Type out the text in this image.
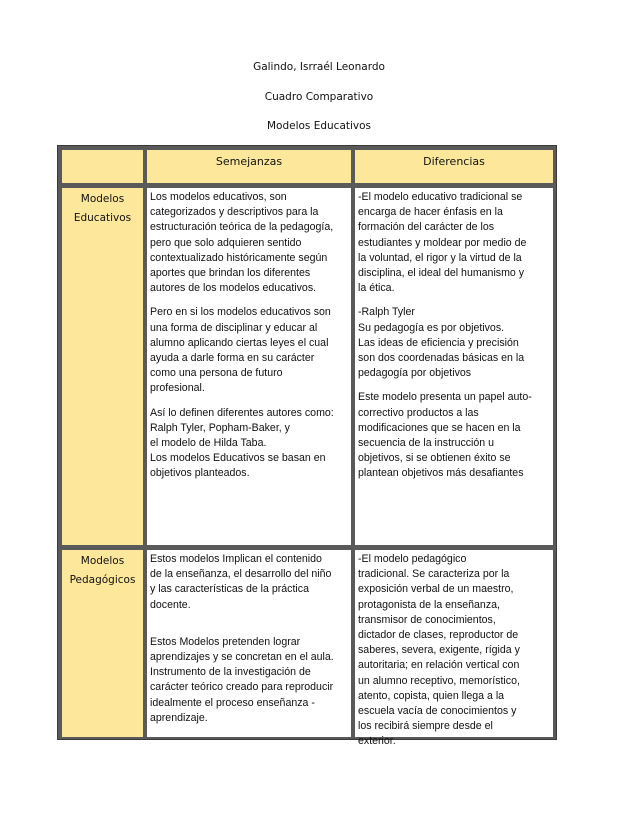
Galindo, Isrraél Leonardo
Cuadro Comparativo
Modelos Educativos
Semejanzas	Diferencias
Modelos
Educativos

Los modelos educativos, son
categorizados y descriptivos para la
estructuración teórica de la pedagogía,
pero que solo adquieren sentido
contextualizado históricamente según
aportes que brindan los diferentes
autores de los modelos educativos.

Pero en si los modelos educativos son
una forma de disciplinar y educar al
alumno aplicando ciertas leyes el cual
ayuda a darle forma en su carácter
como una persona de futuro
profesional.

Así lo definen diferentes autores como:
Ralph Tyler, Popham-Baker, y
el modelo de Hilda Taba.
Los modelos Educativos se basan en
objetivos planteados.

-El modelo educativo tradicional se
encarga de hacer énfasis en la
formación del carácter de los
estudiantes y moldear por medio de
la voluntad, el rigor y la virtud de la
disciplina, el ideal del humanismo y
la ética.

-Ralph Tyler
Su pedagogía es por objetivos.
Las ideas de eficiencia y precisión
son dos coordenadas básicas en la
pedagogía por objetivos

Este modelo presenta un papel auto-
correctivo productos a las
modificaciones que se hacen en la
secuencia de la instrucción u
objetivos, si se obtienen éxito se
plantean objetivos más desafiantes

Modelos
Pedagógicos

Estos modelos Implican el contenido
de la enseñanza, el desarrollo del niño
y las características de la práctica
docente.

Estos Modelos pretenden lograr
aprendizajes y se concretan en el aula.
Instrumento de la investigación de
carácter teórico creado para reproducir
idealmente el proceso enseñanza -
aprendizaje.

-El modelo pedagógico
tradicional. Se caracteriza por la
exposición verbal de un maestro,
protagonista de la enseñanza,
transmisor de conocimientos,
dictador de clases, reproductor de
saberes, severa, exigente, rígida y
autoritaria; en relación vertical con
un alumno receptivo, memorístico,
atento, copista, quien llega a la
escuela vacía de conocimientos y
los recibirá siempre desde el
exterior.
